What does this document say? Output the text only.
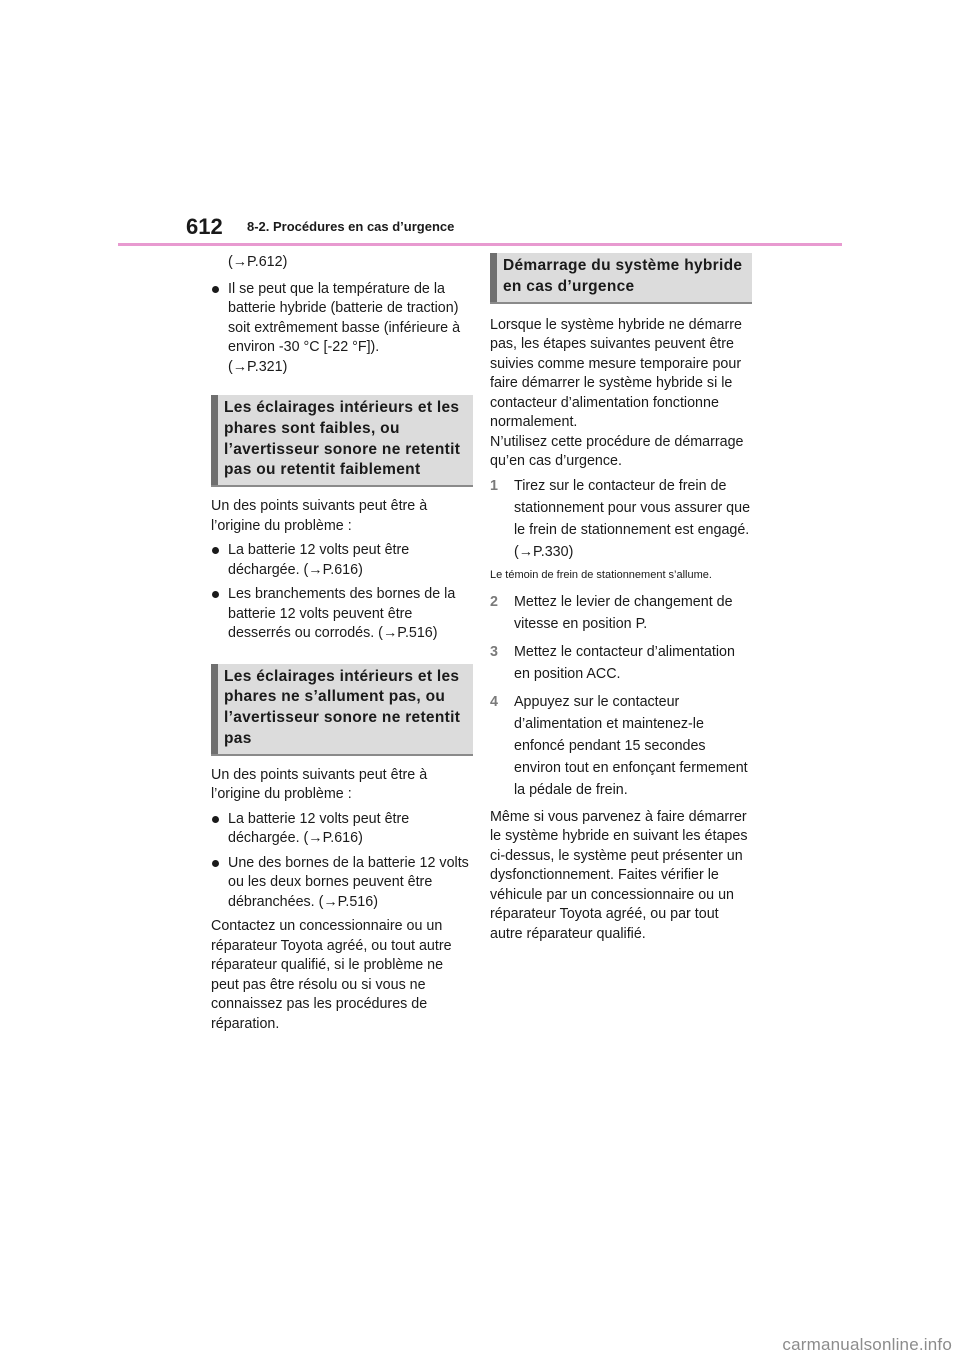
612 8-2. Procédures en cas d’urgence

(→P.612)

Il se peut que la température de la batterie hybride (batterie de traction) soit extrêmement basse (inférieure à environ -30 °C [-22 °F]).
(→P.321)
Les éclairages intérieurs et les phares sont faibles, ou l’avertisseur sonore ne retentit pas ou retentit faiblement

Un des points suivants peut être à l’origine du problème :

La batterie 12 volts peut être déchargée. (→P.616)
Les branchements des bornes de la batterie 12 volts peuvent être desserrés ou corrodés. (→P.516)
Les éclairages intérieurs et les phares ne s’allument pas, ou l’avertisseur sonore ne retentit pas

Un des points suivants peut être à l’origine du problème :

La batterie 12 volts peut être déchargée. (→P.616)
Une des bornes de la batterie 12 volts ou les deux bornes peuvent être débranchées. (→P.516)

Contactez un concessionnaire ou un réparateur Toyota agréé, ou tout autre réparateur qualifié, si le problème ne peut pas être résolu ou si vous ne connaissez pas les procédures de réparation.

Démarrage du système hybride en cas d’urgence

Lorsque le système hybride ne démarre pas, les étapes suivantes peuvent être suivies comme mesure temporaire pour faire démarrer le système hybride si le contacteur d’alimentation fonctionne normalement.

N’utilisez cette procédure de démarrage qu’en cas d’urgence.

1 Tirez sur le contacteur de frein de stationnement pour vous assurer que le frein de stationnement est engagé. (→P.330)

Le témoin de frein de stationnement s’allume.

2 Mettez le levier de changement de vitesse en position P.
3 Mettez le contacteur d’alimentation en position ACC.
4 Appuyez sur le contacteur d’alimentation et maintenez-le enfoncé pendant 15 secondes environ tout en enfonçant fermement la pédale de frein.

Même si vous parvenez à faire démarrer le système hybride en suivant les étapes ci-dessus, le système peut présenter un dysfonctionnement. Faites vérifier le véhicule par un concessionnaire ou un réparateur Toyota agréé, ou par tout autre réparateur qualifié.

carmanualsonline.info
